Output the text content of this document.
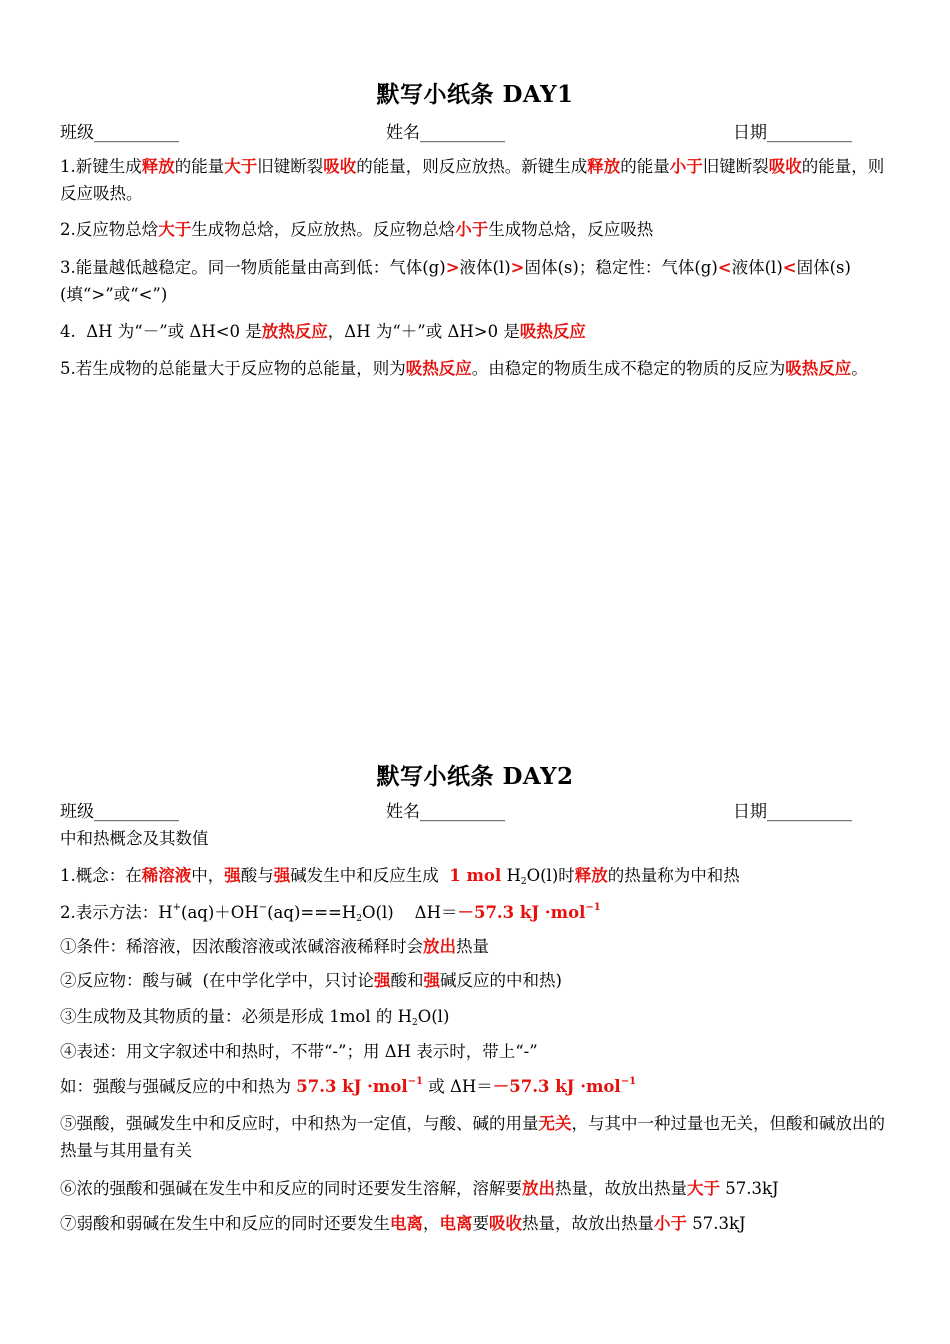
默写小纸条 DAY1
班级__________	姓名__________	日期__________
1.新键生成释放的能量大于旧键断裂吸收的能量，则反应放热。新键生成释放的能量小于旧键断裂吸收的能量，则反应吸热。
2.反应物总焓大于生成物总焓，反应放热。反应物总焓小于生成物总焓，反应吸热
3.能量越低越稳定。同一物质能量由高到低：气体(g)>液体(l)>固体(s)；稳定性：气体(g)<液体(l)<固体(s)(填“>”或“<”)
4.  ΔH 为“－”或 ΔH<0 是放热反应，ΔH 为“＋”或 ΔH>0 是吸热反应
5.若生成物的总能量大于反应物的总能量，则为吸热反应。由稳定的物质生成不稳定的物质的反应为吸热反应。
默写小纸条 DAY2
班级__________	姓名__________	日期__________
中和热概念及其数值
1.概念：在稀溶液中，强酸与强碱发生中和反应生成  1 mol $H_2O(l)$时释放的热量称为中和热
2.表示方法：$H^+(aq)+OH^-(aq)===H_2O(l)$    ΔH＝－57.3 kJ ·mol$^{-1}$
①条件：稀溶液，因浓酸溶液或浓碱溶液稀释时会放出热量
②反应物：酸与碱  (在中学化学中，只讨论强酸和强碱反应的中和热)
③生成物及其物质的量：必须是形成 1mol 的 $H_2O(l)$
④表述：用文字叙述中和热时，不带“-”；用 ΔH 表示时，带上“-”
如：强酸与强碱反应的中和热为 57.3 kJ ·mol$^{-1}$ 或 ΔH＝－57.3 kJ ·mol$^{-1}$
⑤强酸，强碱发生中和反应时，中和热为一定值，与酸、碱的用量无关，与其中一种过量也无关，但酸和碱放出的热量与其用量有关
⑥浓的强酸和强碱在发生中和反应的同时还要发生溶解，溶解要放出热量，故放出热量大于 57.3kJ
⑦弱酸和弱碱在发生中和反应的同时还要发生电离，电离要吸收热量，故放出热量小于 57.3kJ
